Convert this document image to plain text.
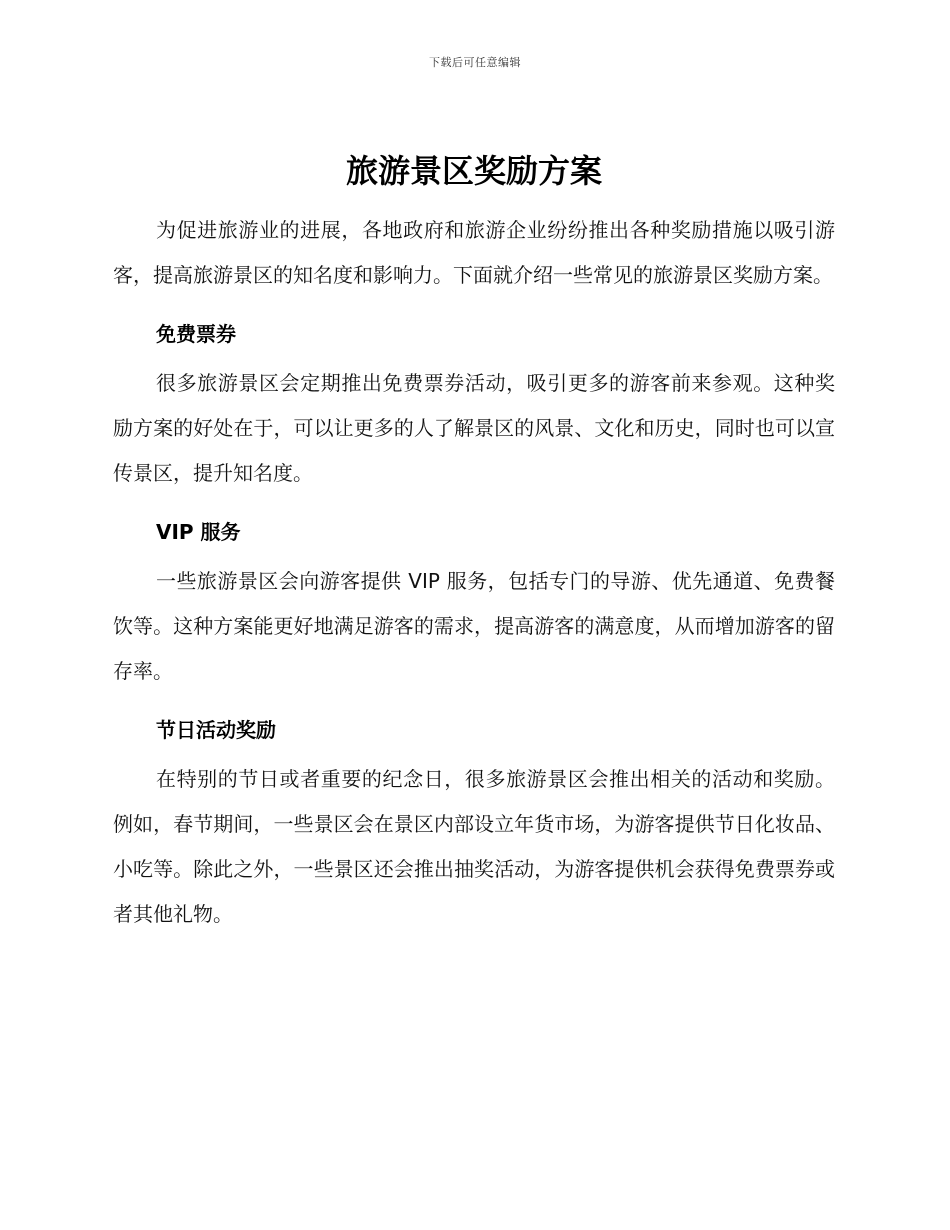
下载后可任意编辑
旅游景区奖励方案

为促进旅游业的进展，各地政府和旅游企业纷纷推出各种奖励措施以吸引游客，提高旅游景区的知名度和影响力。下面就介绍一些常见的旅游景区奖励方案。

免费票券

很多旅游景区会定期推出免费票券活动，吸引更多的游客前来参观。这种奖励方案的好处在于，可以让更多的人了解景区的风景、文化和历史，同时也可以宣传景区，提升知名度。

VIP 服务

一些旅游景区会向游客提供 VIP 服务，包括专门的导游、优先通道、免费餐饮等。这种方案能更好地满足游客的需求，提高游客的满意度，从而增加游客的留存率。

节日活动奖励

在特别的节日或者重要的纪念日，很多旅游景区会推出相关的活动和奖励。例如，春节期间，一些景区会在景区内部设立年货市场，为游客提供节日化妆品、小吃等。除此之外，一些景区还会推出抽奖活动，为游客提供机会获得免费票券或者其他礼物。
